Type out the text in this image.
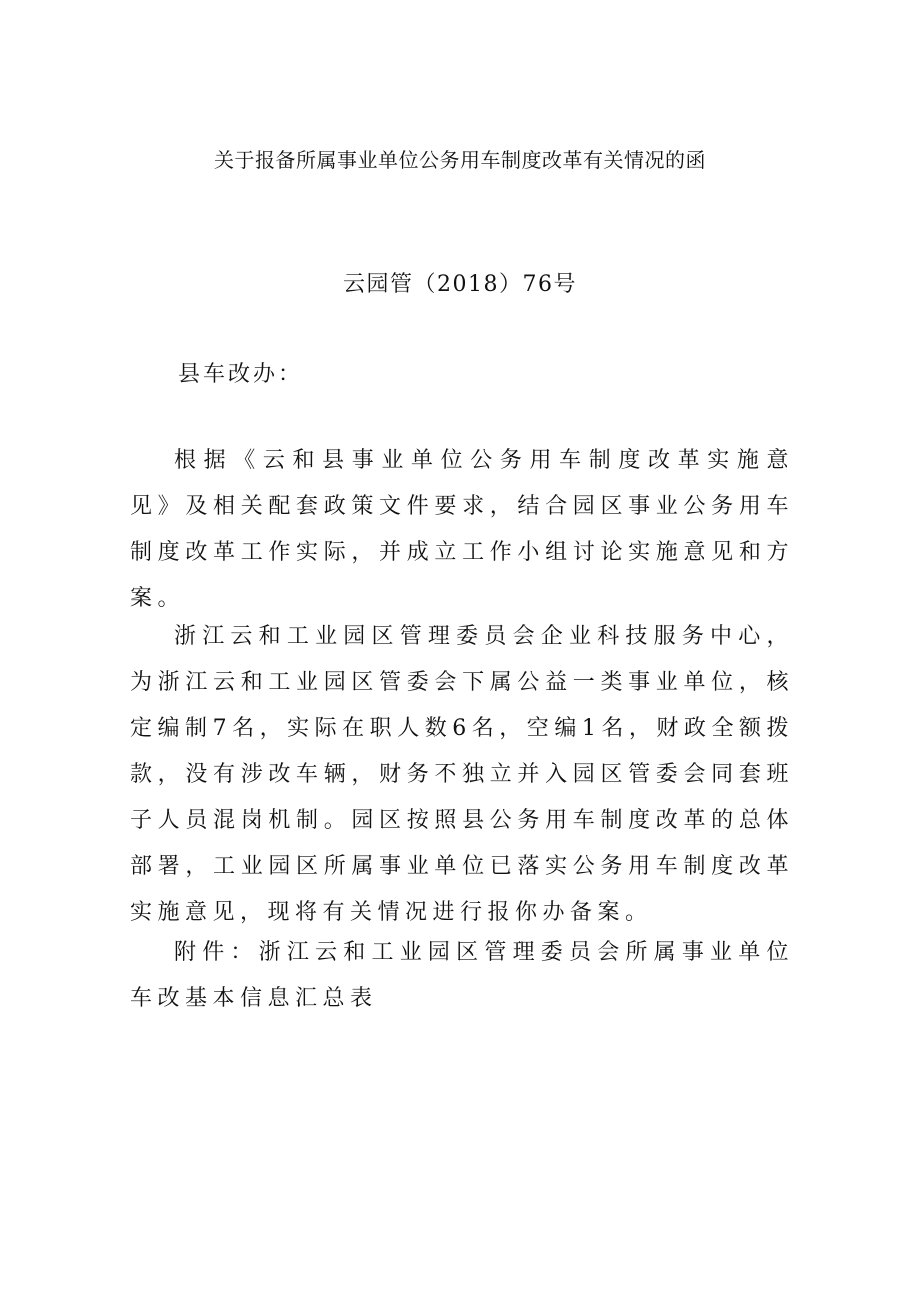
关于报备所属事业单位公务用车制度改革有关情况的函
云园管（2018）76号
县车改办：

根据《云和县事业单位公务用车制度改革实施意见》及相关配套政策文件要求，结合园区事业公务用车制度改革工作实际，并成立工作小组讨论实施意见和方案。

浙江云和工业园区管理委员会企业科技服务中心，为浙江云和工业园区管委会下属公益一类事业单位，核定编制7名，实际在职人数6名，空编1名，财政全额拨款，没有涉改车辆，财务不独立并入园区管委会同套班子人员混岗机制。园区按照县公务用车制度改革的总体部署，工业园区所属事业单位已落实公务用车制度改革实施意见，现将有关情况进行报你办备案。

附件：浙江云和工业园区管理委员会所属事业单位车改基本信息汇总表
